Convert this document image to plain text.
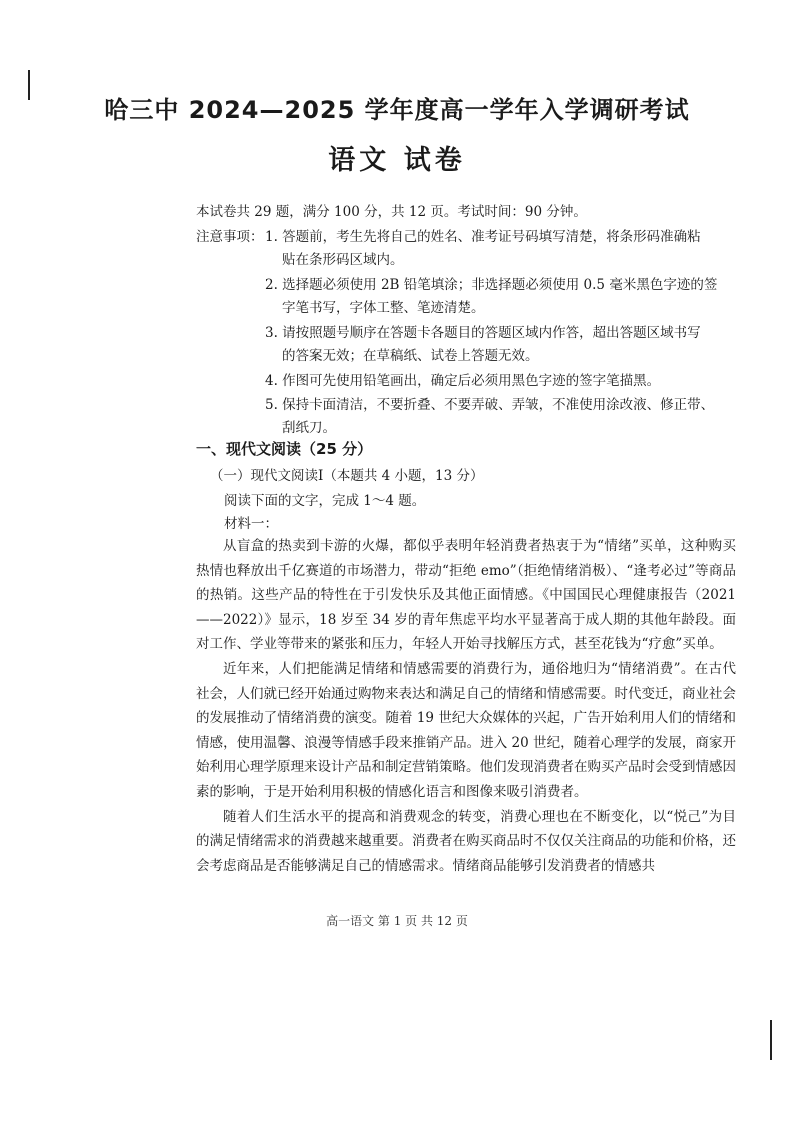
哈三中 2024—2025 学年度高一学年入学调研考试
语文 试卷
本试卷共 29 题，满分 100 分，共 12 页。考试时间：90 分钟。
注意事项： 1. 答题前，考生先将自己的姓名、准考证号码填写清楚，将条形码准确粘
贴在条形码区域内。
2. 选择题必须使用 2B 铅笔填涂；非选择题必须使用 0.5 毫米黑色字迹的签
字笔书写，字体工整、笔迹清楚。
3. 请按照题号顺序在答题卡各题目的答题区域内作答，超出答题区域书写
的答案无效；在草稿纸、试卷上答题无效。
4. 作图可先使用铅笔画出，确定后必须用黑色字迹的签字笔描黑。
5. 保持卡面清洁，不要折叠、不要弄破、弄皱，不准使用涂改液、修正带、
刮纸刀。
一、现代文阅读（25 分）
（一）现代文阅读Ⅰ（本题共 4 小题，13 分）
阅读下面的文字，完成 1～4 题。
材料一：

从盲盒的热卖到卡游的火爆，都似乎表明年轻消费者热衷于为“情绪”买单，这种购买热情也释放出千亿赛道的市场潜力，带动“拒绝 emo”（拒绝情绪消极）、“逢考必过”等商品的热销。这些产品的特性在于引发快乐及其他正面情感。《中国国民心理健康报告（2021——2022）》显示，18 岁至 34 岁的青年焦虑平均水平显著高于成人期的其他年龄段。面对工作、学业等带来的紧张和压力，年轻人开始寻找解压方式，甚至花钱为“疗愈”买单。

近年来，人们把能满足情绪和情感需要的消费行为，通俗地归为“情绪消费”。在古代社会，人们就已经开始通过购物来表达和满足自己的情绪和情感需要。时代变迁，商业社会的发展推动了情绪消费的演变。随着 19 世纪大众媒体的兴起，广告开始利用人们的情绪和情感，使用温馨、浪漫等情感手段来推销产品。进入 20 世纪，随着心理学的发展，商家开始利用心理学原理来设计产品和制定营销策略。他们发现消费者在购买产品时会受到情感因素的影响，于是开始利用积极的情感化语言和图像来吸引消费者。

随着人们生活水平的提高和消费观念的转变，消费心理也在不断变化，以“悦己”为目的满足情绪需求的消费越来越重要。消费者在购买商品时不仅仅关注商品的功能和价格，还会考虑商品是否能够满足自己的情感需求。情绪商品能够引发消费者的情感共

高一语文 第 1 页 共 12 页
